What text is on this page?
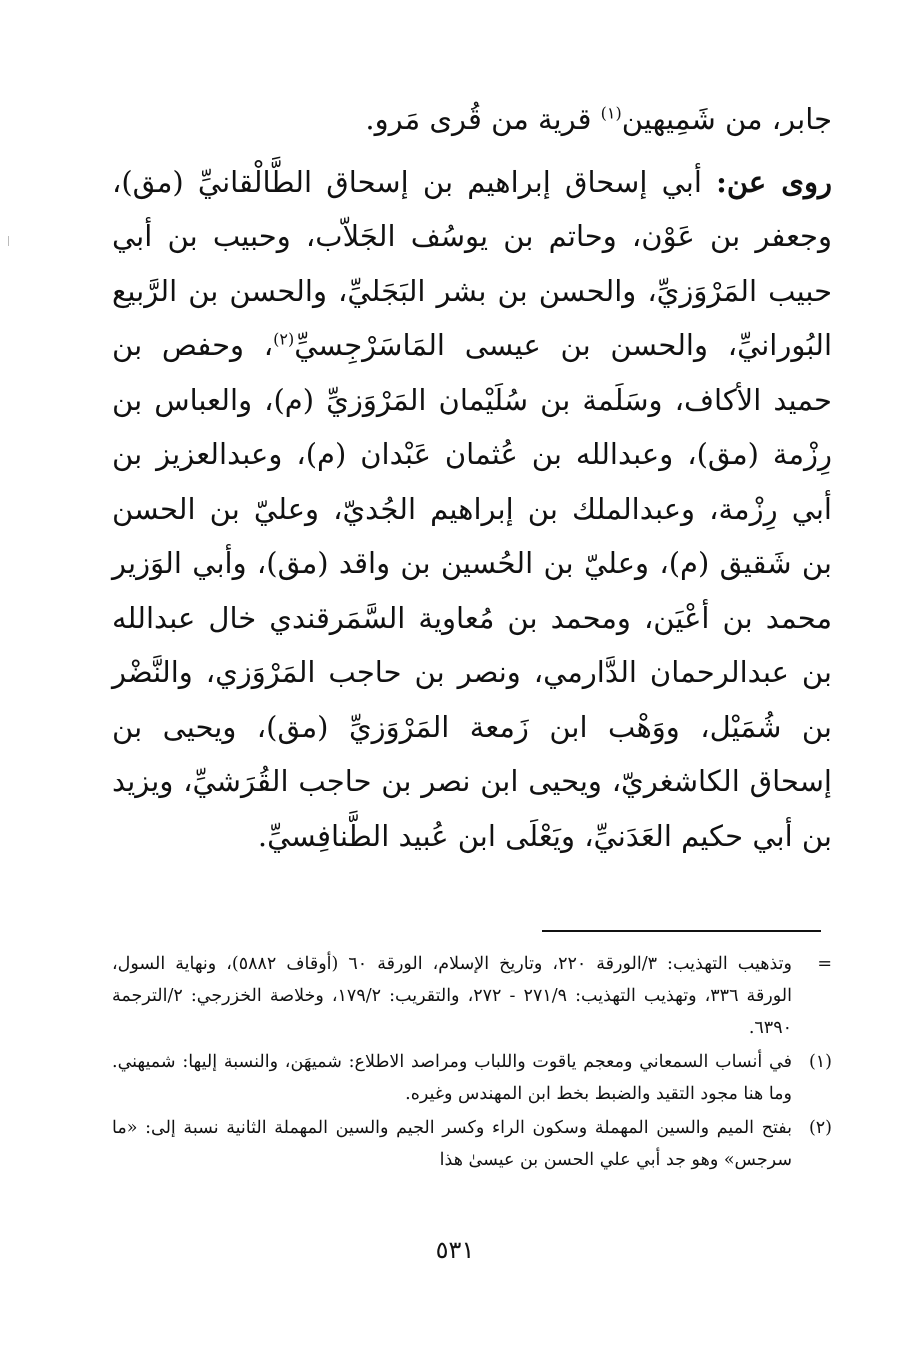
جابر، من شَمِيهين$^{(١)}$ قرية من قُرى مَرو.

روى عن: أبي إسحاق إبراهيم بن إسحاق الطَّالْقانيِّ (مق)، وجعفر بن عَوْن، وحاتم بن يوسُف الجَلاّب، وحبيب بن أبي حبيب المَرْوَزيِّ، والحسن بن بشر البَجَليِّ، والحسن بن الرَّبيع البُورانيِّ، والحسن بن عيسى المَاسَرْجِسيِّ$^{(٢)}$، وحفص بن حميد الأكاف، وسَلَمة بن سُلَيْمان المَرْوَزيِّ (م)، والعباس بن رِزْمة (مق)، وعبدالله بن عُثمان عَبْدان (م)، وعبدالعزيز بن أبي رِزْمة، وعبدالملك بن إبراهيم الجُديّ، وعليّ بن الحسن بن شَقيق (م)، وعليّ بن الحُسين بن واقد (مق)، وأبي الوَزير محمد بن أعْيَن، ومحمد بن مُعاوية السَّمَرقندي خال عبدالله بن عبدالرحمان الدَّارمي، ونصر بن حاجب المَرْوَزي، والنَّضْر بن شُمَيْل، ووَهْب ابن زَمعة المَرْوَزيِّ (مق)، ويحيى بن إسحاق الكاشغريّ، ويحيى ابن نصر بن حاجب القُرَشيِّ، ويزيد بن أبي حكيم العَدَنيِّ، ويَعْلَى ابن عُبيد الطَّنافِسيِّ.

=
وتذهيب التهذيب: ٣/الورقة ٢٢٠، وتاريخ الإسلام، الورقة ٦٠ (أوقاف ٥٨٨٢)، ونهاية السول، الورقة ٣٣٦، وتهذيب التهذيب: ٢٧١/٩ - ٢٧٢، والتقريب: ١٧٩/٢، وخلاصة الخزرجي: ٢/الترجمة ٦٣٩٠.
(١)
في أنساب السمعاني ومعجم ياقوت واللباب ومراصد الاطلاع: شميهَن، والنسبة إليها: شميهني. وما هنا مجود التقيد والضبط بخط ابن المهندس وغيره.
(٢)
بفتح الميم والسين المهملة وسكون الراء وكسر الجيم والسين المهملة الثانية نسبة إلى: «ما سرجس» وهو جد أبي علي الحسن بن عيسىٰ هذا
٥٣١
